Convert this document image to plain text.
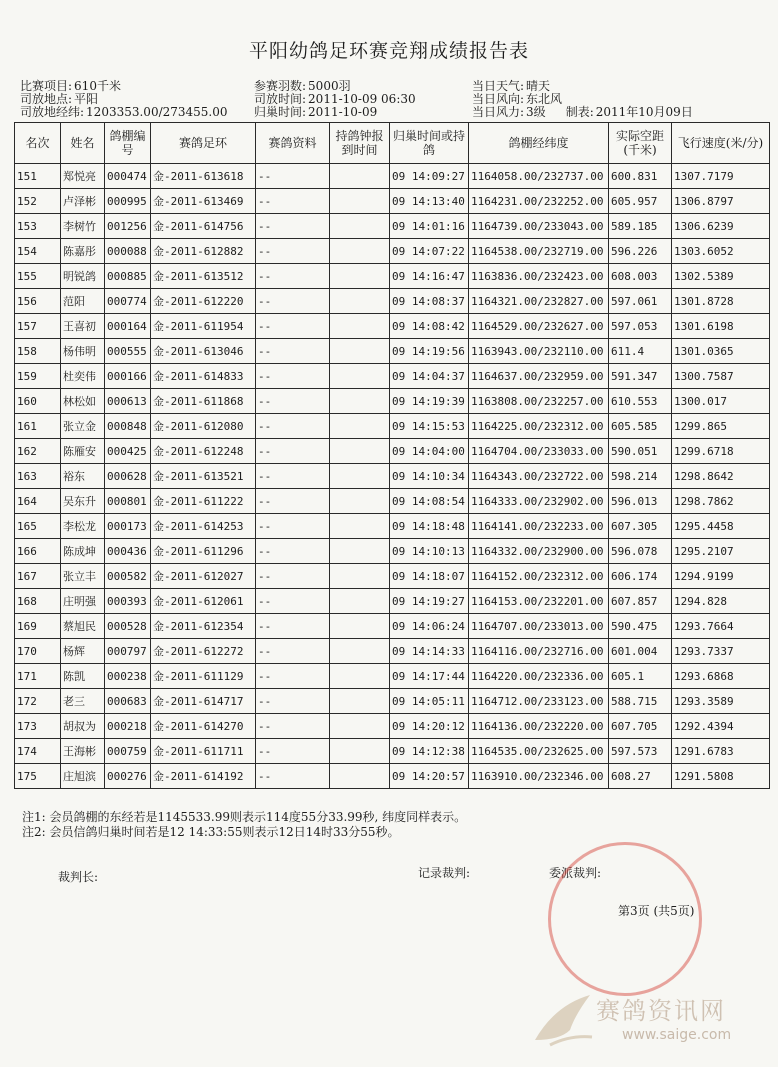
平阳幼鸽足环赛竞翔成绩报告表
比赛项目: 610千米
司放地点: 平阳
司放地经纬: 1203353.00/273455.00
参赛羽数: 5000羽
司放时间: 2011-10-09 06:30
归巢时间: 2011-10-09
当日天气: 晴天
当日风向: 东北风
当日风力: 3级 制表: 2011年10月09日
名次	姓名	鸽棚编号	赛鸽足环	赛鸽资料	持鸽钟报到时间	归巢时间或持鸽	鸽棚经纬度	实际空距(千米)	飞行速度(米/分)
151	郑悦亮	000474	金-2011-613618	--		09 14:09:27	1164058.00/232737.00	600.831	1307.7179
152	卢泽彬	000995	金-2011-613469	--		09 14:13:40	1164231.00/232252.00	605.957	1306.8797
153	李树竹	001256	金-2011-614756	--		09 14:01:16	1164739.00/233043.00	589.185	1306.6239
154	陈嘉彤	000088	金-2011-612882	--		09 14:07:22	1164538.00/232719.00	596.226	1303.6052
155	明锐鸽	000885	金-2011-613512	--		09 14:16:47	1163836.00/232423.00	608.003	1302.5389
156	范阳	000774	金-2011-612220	--		09 14:08:37	1164321.00/232827.00	597.061	1301.8728
157	王喜初	000164	金-2011-611954	--		09 14:08:42	1164529.00/232627.00	597.053	1301.6198
158	杨伟明	000555	金-2011-613046	--		09 14:19:56	1163943.00/232110.00	611.4	1301.0365
159	杜奕伟	000166	金-2011-614833	--		09 14:04:37	1164637.00/232959.00	591.347	1300.7587
160	林松如	000613	金-2011-611868	--		09 14:19:39	1163808.00/232257.00	610.553	1300.017
161	张立金	000848	金-2011-612080	--		09 14:15:53	1164225.00/232312.00	605.585	1299.865
162	陈雁安	000425	金-2011-612248	--		09 14:04:00	1164704.00/233033.00	590.051	1299.6718
163	裕东	000628	金-2011-613521	--		09 14:10:34	1164343.00/232722.00	598.214	1298.8642
164	吴东升	000801	金-2011-611222	--		09 14:08:54	1164333.00/232902.00	596.013	1298.7862
165	李松龙	000173	金-2011-614253	--		09 14:18:48	1164141.00/232233.00	607.305	1295.4458
166	陈成坤	000436	金-2011-611296	--		09 14:10:13	1164332.00/232900.00	596.078	1295.2107
167	张立丰	000582	金-2011-612027	--		09 14:18:07	1164152.00/232312.00	606.174	1294.9199
168	庄明强	000393	金-2011-612061	--		09 14:19:27	1164153.00/232201.00	607.857	1294.828
169	蔡旭民	000528	金-2011-612354	--		09 14:06:24	1164707.00/233013.00	590.475	1293.7664
170	杨辉	000797	金-2011-612272	--		09 14:14:33	1164116.00/232716.00	601.004	1293.7337
171	陈凯	000238	金-2011-611129	--		09 14:17:44	1164220.00/232336.00	605.1	1293.6868
172	老三	000683	金-2011-614717	--		09 14:05:11	1164712.00/233123.00	588.715	1293.3589
173	胡叔为	000218	金-2011-614270	--		09 14:20:12	1164136.00/232220.00	607.705	1292.4394
174	王海彬	000759	金-2011-611711	--		09 14:12:38	1164535.00/232625.00	597.573	1291.6783
175	庄旭滨	000276	金-2011-614192	--		09 14:20:57	1163910.00/232346.00	608.27	1291.5808
注1: 会员鸽棚的东经若是1145533.99则表示114度55分33.99秒, 纬度同样表示。
注2: 会员信鸽归巢时间若是12 14:33:55则表示12日14时33分55秒。
裁判长:	记录裁判:	委派裁判:
第3页 (共5页)
赛鸽资讯网
www.saige.com
